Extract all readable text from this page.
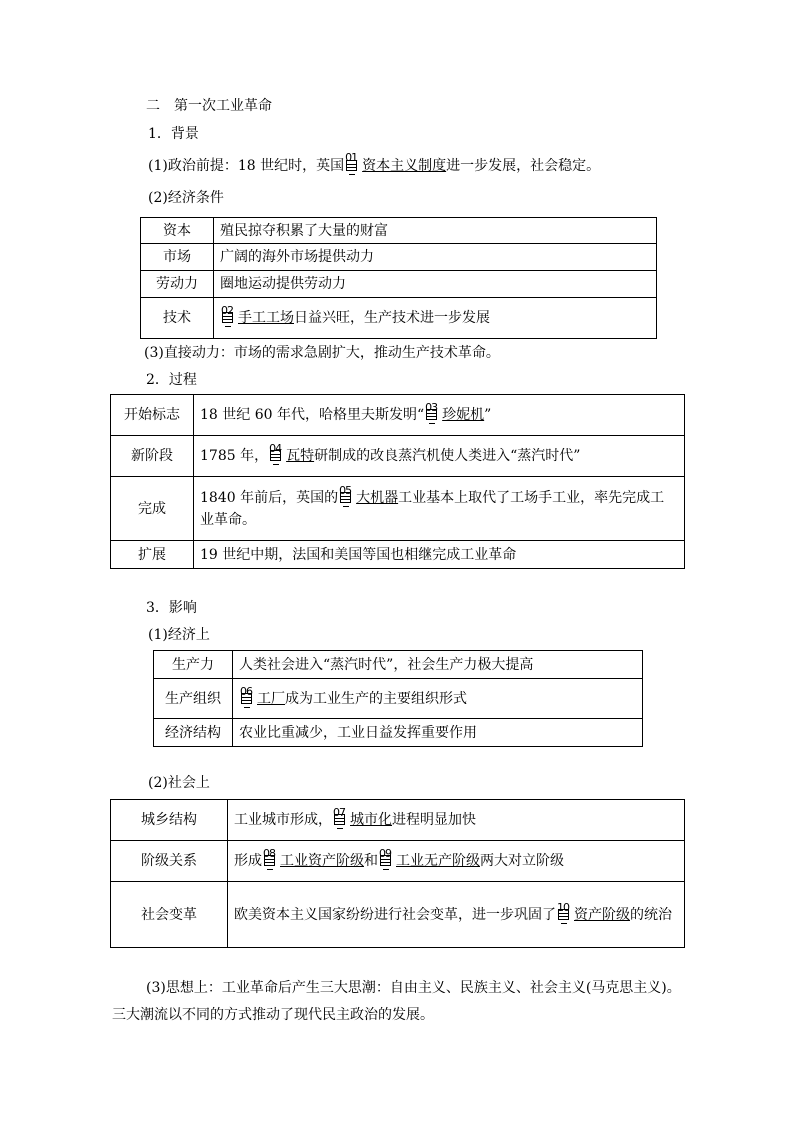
二　第一次工业革命
1．背景
(1)政治前提：18 世纪时，英国
01
资本主义制度进一步发展，社会稳定。
(2)经济条件
资本	殖民掠夺积累了大量的财富
市场	广阔的海外市场提供动力
劳动力	圈地运动提供劳动力
技术	02 手工工场日益兴旺，生产技术进一步发展
(3)直接动力：市场的需求急剧扩大，推动生产技术革命。
2．过程
开始标志	18 世纪 60 年代，哈格里夫斯发明“ 03 珍妮机”
新阶段	1785 年， 04 瓦特研制成的改良蒸汽机使人类进入“蒸汽时代”
完成	1840 年前后，英国的 05 大机器工业基本上取代了工场手工业，率先完成工业革命。
扩展	19 世纪中期，法国和美国等国也相继完成工业革命
3．影响
(1)经济上
生产力	人类社会进入“蒸汽时代”，社会生产力极大提高
生产组织	06 工厂成为工业生产的主要组织形式
经济结构	农业比重减少，工业日益发挥重要作用
(2)社会上
城乡结构	工业城市形成， 07 城市化进程明显加快
阶级关系	形成 08 工业资产阶级和 09 工业无产阶级两大对立阶级
社会变革	欧美资本主义国家纷纷进行社会变革，进一步巩固了 10 资产阶级的统治
(3)思想上：工业革命后产生三大思潮：自由主义、民族主义、社会主义(马克思主义)。三大潮流以不同的方式推动了现代民主政治的发展。
